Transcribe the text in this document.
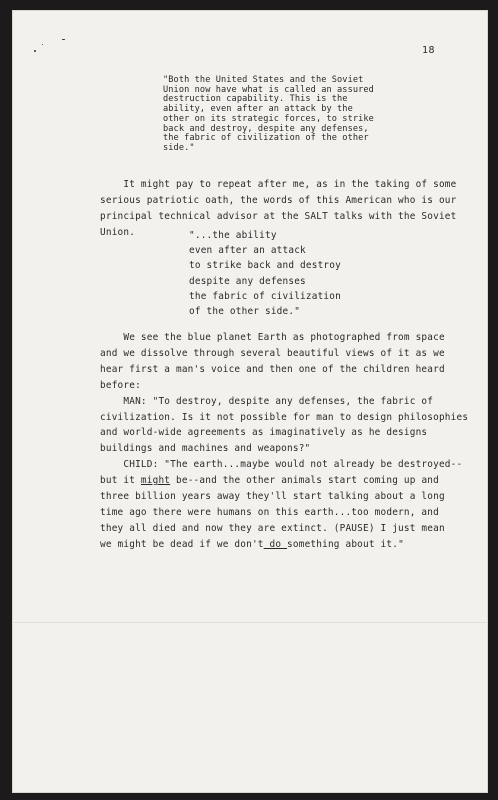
18
"Both the United States and the Soviet
Union now have what is called an assured
destruction capability. This is the
ability, even after an attack by the
other on its strategic forces, to strike
back and destroy, despite any defenses,
the fabric of civilization of the other
side."
It might pay to repeat after me, as in the taking of some
serious patriotic oath, the words of this American who is our
principal technical advisor at the SALT talks with the Soviet
Union.	"...the ability
even after an attack
to strike back and destroy
despite any defenses
the fabric of civilization
of the other side."
We see the blue planet Earth as photographed from space
and we dissolve through several beautiful views of it as we
hear first a man's voice and then one of the children heard
before:
MAN: "To destroy, despite any defenses, the fabric of
civilization. Is it not possible for man to design philosophies
and world-wide agreements as imaginatively as he designs
buildings and machines and weapons?"
CHILD: "The earth...maybe would not already be destroyed--
but it might be--and the other animals start coming up and
three billion years away they'll start talking about a long
time ago there were humans on this earth...too modern, and
they all died and now they are extinct. (PAUSE) I just mean
we might be dead if we don't do something about it."
